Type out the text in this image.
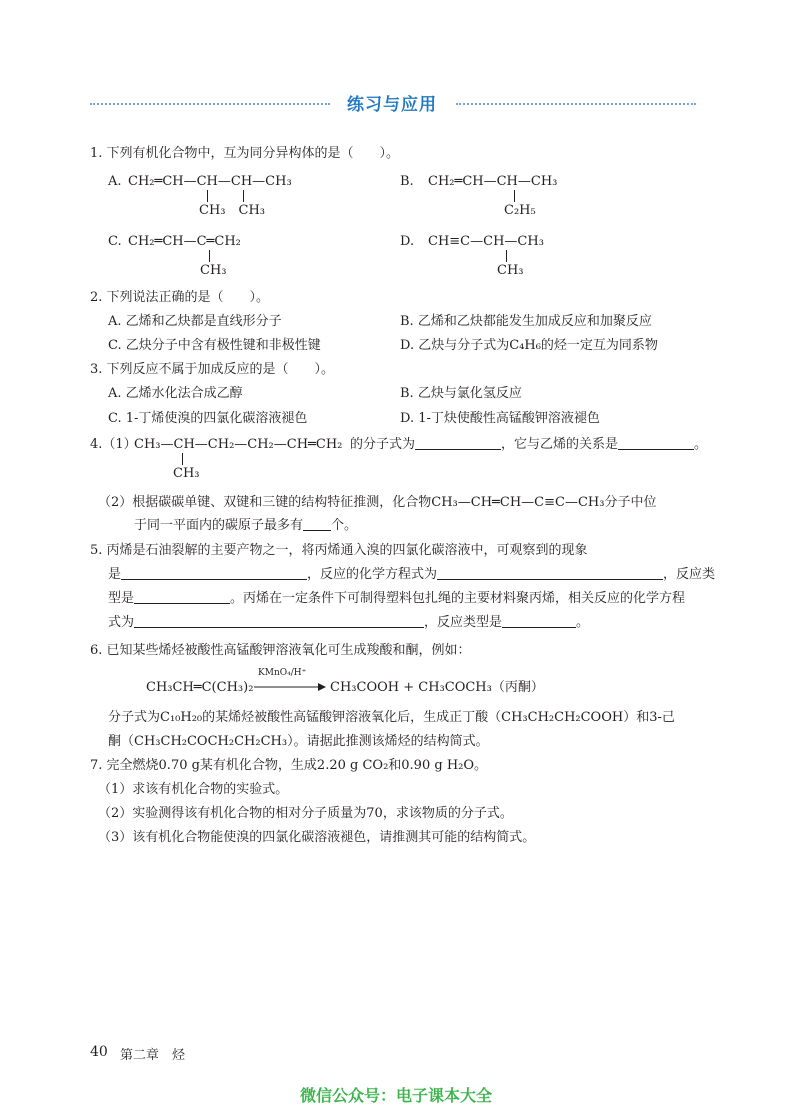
练习与应用
1. 下列有机化合物中，互为同分异构体的是（　　）。
A. CH₂═CH—CH—CH—CH₃
CH₃　CH₃
B. CH₂═CH—CH—CH₃
C₂H₅
C. CH₂═CH—C═CH₂
CH₃
D. CH≡C—CH—CH₃
CH₃
2. 下列说法正确的是（　　）。
A. 乙烯和乙炔都是直线形分子	B. 乙烯和乙炔都能发生加成反应和加聚反应
C. 乙炔分子中含有极性键和非极性键	D. 乙炔与分子式为C₄H₆的烃一定互为同系物
3. 下列反应不属于加成反应的是（　　）。
A. 乙烯水化法合成乙醇	B. 乙炔与氯化氢反应
C. 1-丁烯使溴的四氯化碳溶液褪色	D. 1-丁炔使酸性高锰酸钾溶液褪色
4.（1）
CH₃—CH—CH₂—CH₂—CH═CH₂
CH₃
的分子式为	，它与乙烯的关系是	。
（2）根据碳碳单键、双键和三键的结构特征推测，化合物CH₃—CH═CH—C≡C—CH₃分子中位
于同一平面内的碳原子最多有 个。
5. 丙烯是石油裂解的主要产物之一，将丙烯通入溴的四氯化碳溶液中，可观察到的现象
是	，反应的化学方程式为	，反应类
型是	。丙烯在一定条件下可制得塑料包扎绳的主要材料聚丙烯，相关反应的化学方程
式为	，反应类型是	。
6. 已知某些烯烃被酸性高锰酸钾溶液氧化可生成羧酸和酮，例如：
CH₃CH═C(CH₃)₂
KMnO₄/H⁺
CH₃COOH + CH₃COCH₃（丙酮）
分子式为C₁₀H₂₀的某烯烃被酸性高锰酸钾溶液氧化后，生成正丁酸（CH₃CH₂CH₂COOH）和3-己
酮（CH₃CH₂COCH₂CH₂CH₃）。请据此推测该烯烃的结构简式。
7. 完全燃烧0.70 g某有机化合物，生成2.20 g CO₂和0.90 g H₂O。
（1）求该有机化合物的实验式。
（2）实验测得该有机化合物的相对分子质量为70，求该物质的分子式。
（3）该有机化合物能使溴的四氯化碳溶液褪色，请推测其可能的结构简式。
40 第二章　烃
微信公众号：电子课本大全
